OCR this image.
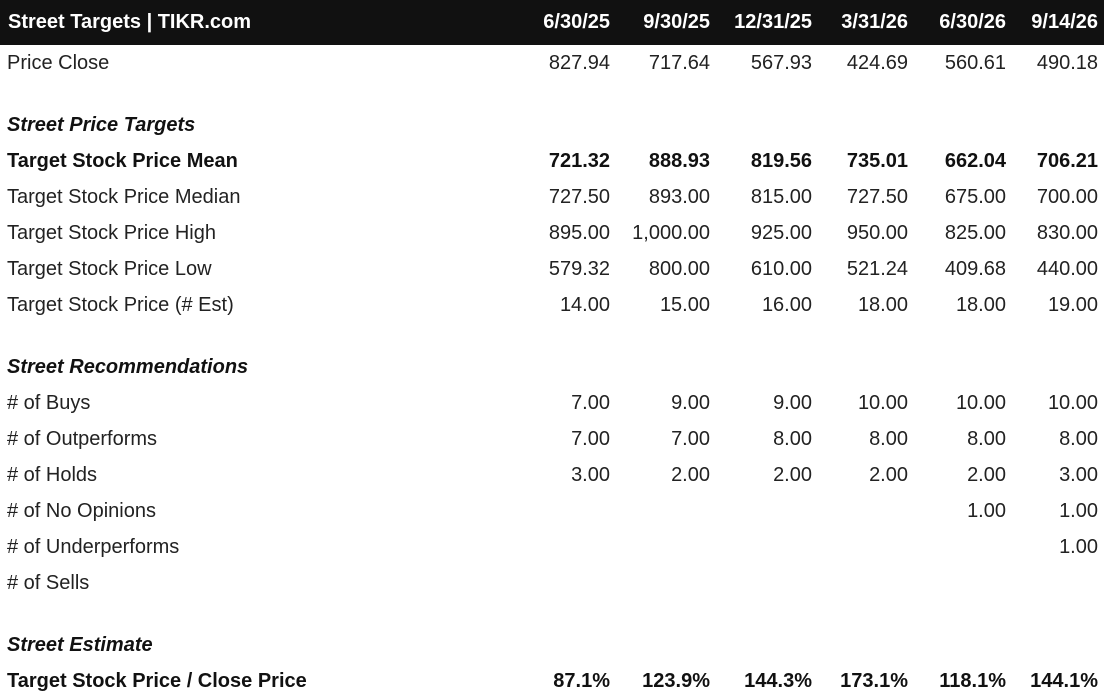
Street Targets | TIKR.com	6/30/25	9/30/25	12/31/25	3/31/26	6/30/26	9/14/26
Price Close	827.94	717.64	567.93	424.69	560.61	490.18
Street Price Targets						
Target Stock Price Mean	721.32	888.93	819.56	735.01	662.04	706.21
Target Stock Price Median	727.50	893.00	815.00	727.50	675.00	700.00
Target Stock Price High	895.00	1,000.00	925.00	950.00	825.00	830.00
Target Stock Price Low	579.32	800.00	610.00	521.24	409.68	440.00
Target Stock Price (# Est)	14.00	15.00	16.00	18.00	18.00	19.00
Street Recommendations						
# of Buys	7.00	9.00	9.00	10.00	10.00	10.00
# of Outperforms	7.00	7.00	8.00	8.00	8.00	8.00
# of Holds	3.00	2.00	2.00	2.00	2.00	3.00
# of No Opinions					1.00	1.00
# of Underperforms						1.00
# of Sells						
Street Estimate						
Target Stock Price / Close Price	87.1%	123.9%	144.3%	173.1%	118.1%	144.1%
